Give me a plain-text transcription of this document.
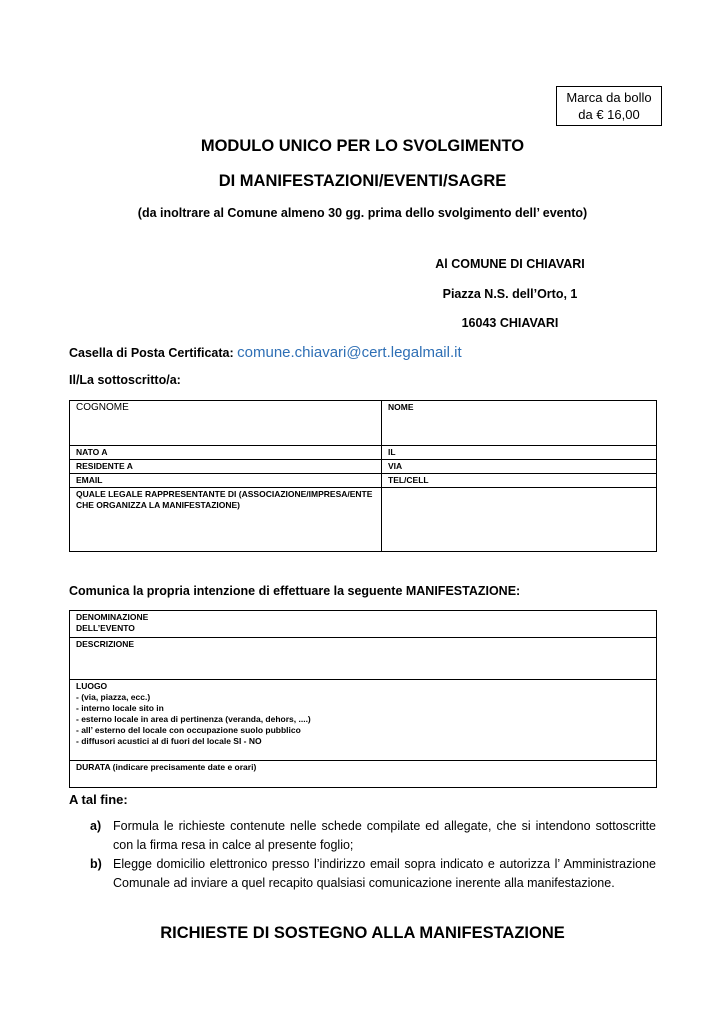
Marca da bollo
da € 16,00
MODULO UNICO PER LO SVOLGIMENTO
DI MANIFESTAZIONI/EVENTI/SAGRE
(da inoltrare al Comune almeno 30 gg. prima dello svolgimento dell’ evento)
Al COMUNE DI CHIAVARI
Piazza N.S. dell’Orto, 1
16043 CHIAVARI
Casella di Posta Certificata: comune.chiavari@cert.legalmail.it
Il/La sottoscritto/a:
COGNOME	NOME
NATO A	IL
RESIDENTE A	VIA
EMAIL	TEL/CELL
QUALE LEGALE RAPPRESENTANTE DI (ASSOCIAZIONE/IMPRESA/ENTE CHE ORGANIZZA LA MANIFESTAZIONE)	
Comunica la propria intenzione di effettuare la seguente MANIFESTAZIONE:
DENOMINAZIONE
DELL’EVENTO

DESCRIZIONE

LUOGO
- (via, piazza, ecc.)
- interno locale sito in
- esterno locale in area di pertinenza (veranda, dehors, ....)
- all’ esterno del locale con occupazione suolo pubblico
- diffusori acustici al di fuori del locale SI - NO

DURATA (indicare precisamente date e orari)
A tal fine:
a) Formula le richieste contenute nelle schede compilate ed allegate, che si intendono sottoscritte con la firma resa in calce al presente foglio;
b) Elegge domicilio elettronico presso l’indirizzo email sopra indicato e autorizza l’ Amministrazione Comunale ad inviare a quel recapito qualsiasi comunicazione inerente alla manifestazione.
RICHIESTE DI SOSTEGNO ALLA MANIFESTAZIONE
